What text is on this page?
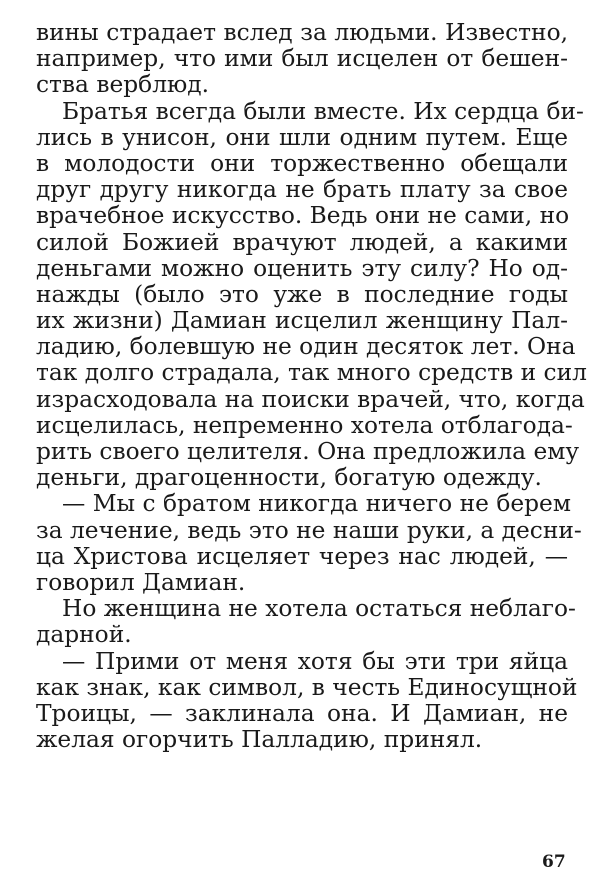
вины страдает вслед за людьми. Известно,
например, что ими был исцелен от бешен-
ства верблюд.
Братья всегда были вместе. Их сердца би-
лись в унисон, они шли одним путем. Еще
в молодости они торжественно обещали
друг другу никогда не брать плату за свое
врачебное искусство. Ведь они не сами, но
силой Божией врачуют людей, а какими
деньгами можно оценить эту силу? Но од-
нажды (было это уже в последние годы
их жизни) Дамиан исцелил женщину Пал-
ладию, болевшую не один десяток лет. Она
так долго страдала, так много средств и сил
израсходовала на поиски врачей, что, когда
исцелилась, непременно хотела отблагода-
рить своего целителя. Она предложила ему
деньги, драгоценности, богатую одежду.
— Мы с братом никогда ничего не берем
за лечение, ведь это не наши руки, а десни-
ца Христова исцеляет через нас людей, —
говорил Дамиан.
Но женщина не хотела остаться неблаго-
дарной.
— Прими от меня хотя бы эти три яйца
как знак, как символ, в честь Единосущной
Троицы, — заклинала она. И Дамиан, не
желая огорчить Палладию, принял.
67
